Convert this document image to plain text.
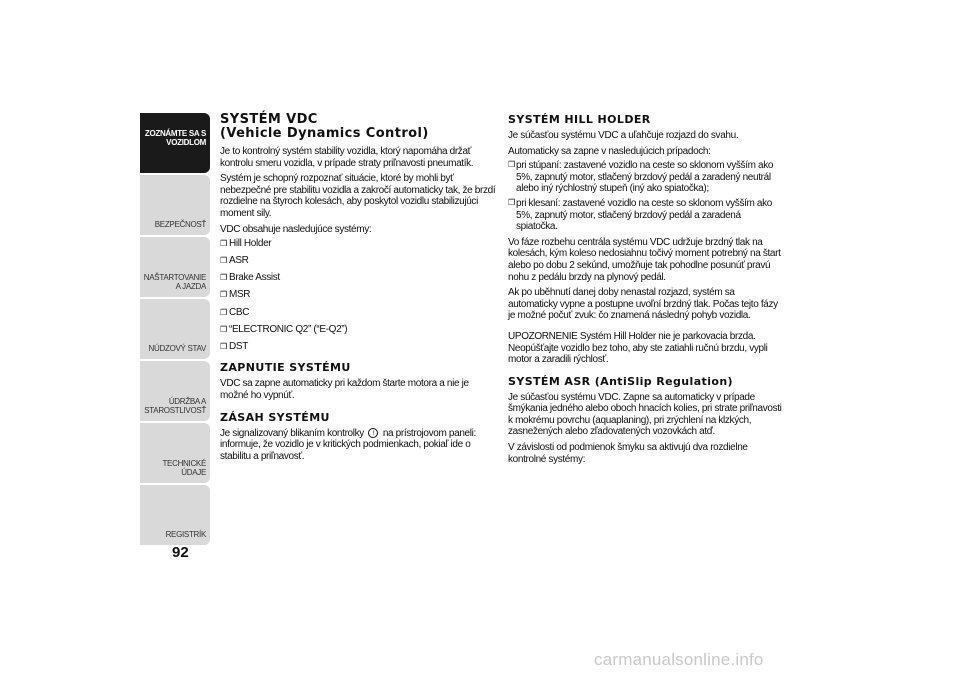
ZOZNÁMTE SA S VOZIDLOM
BEZPEČNOSŤ
NAŠTARTOVANIE A JAZDA
NÚDZOVÝ STAV
ÚDRŽBA A STAROSTLIVOSŤ
TECHNICKÉ ÚDAJE
REGISTRÍK
92
SYSTÉM VDC
(Vehicle Dynamics Control)

Je to kontrolný systém stability vozidla, ktorý napomáha držať kontrolu smeru vozidla, v prípade straty priľnavosti pneumatík.

Systém je schopný rozpoznať situácie, ktoré by mohli byť nebezpečné pre stabilitu vozidla a zakročí automaticky tak, že brzdí rozdielne na štyroch kolesách, aby poskytol vozidlu stabilizujúci moment sily.

VDC obsahuje nasledujúce systémy:

❒ Hill Holder
❒ ASR
❒ Brake Assist
❒ MSR
❒ CBC
❒ “ELECTRONIC Q2” (“E-Q2”)
❒ DST
ZAPNUTIE SYSTÉMU

VDC sa zapne automaticky pri každom štarte motora a nie je možné ho vypnúť.

ZÁSAH SYSTÉMU

Je signalizovaný blikaním kontrolky ! na prístrojovom paneli: informuje, že vozidlo je v kritických podmienkach, pokiaľ ide o stabilitu a priľnavosť.

SYSTÉM HILL HOLDER

Je súčasťou systému VDC a uľahčuje rozjazd do svahu.

Automaticky sa zapne v nasledujúcich prípadoch:

❒ pri stúpaní: zastavené vozidlo na ceste so sklonom vyšším ako 5%, zapnutý motor, stlačený brzdový pedál a zaradený neutrál alebo iný rýchlostný stupeň (iný ako spiatočka);

❒ pri klesaní: zastavené vozidlo na ceste so sklonom vyšším ako 5%, zapnutý motor, stlačený brzdový pedál a zaradená spiatočka.

Vo fáze rozbehu centrála systému VDC udržuje brzdný tlak na kolesách, kým koleso nedosiahnu točivý moment potrebný na štart alebo po dobu 2 sekúnd, umožňuje tak pohodlne posunúť pravú nohu z pedálu brzdy na plynový pedál.

Ak po uběhnutí danej doby nenastal rozjazd, systém sa automaticky vypne a postupne uvoľní brzdný tlak. Počas tejto fázy je možné počuť zvuk: čo znamená následný pohyb vozidla.

UPOZORNENIE Systém Hill Holder nie je parkovacia brzda. Neopúšťajte vozidlo bez toho, aby ste zatiahli ručnú brzdu, vypli motor a zaradili rýchlosť.

SYSTÉM ASR (AntiSlip Regulation)

Je súčasťou systému VDC. Zapne sa automaticky v prípade šmýkania jedného alebo oboch hnacích kolies, pri strate priľnavosti k mokrému povrchu (aquaplaning), pri zrýchlení na klzkých, zasnežených alebo zľadovatených vozovkách atď.

V závislosti od podmienok šmyku sa aktivujú dva rozdielne kontrolné systémy:

carmanualsonline.info
